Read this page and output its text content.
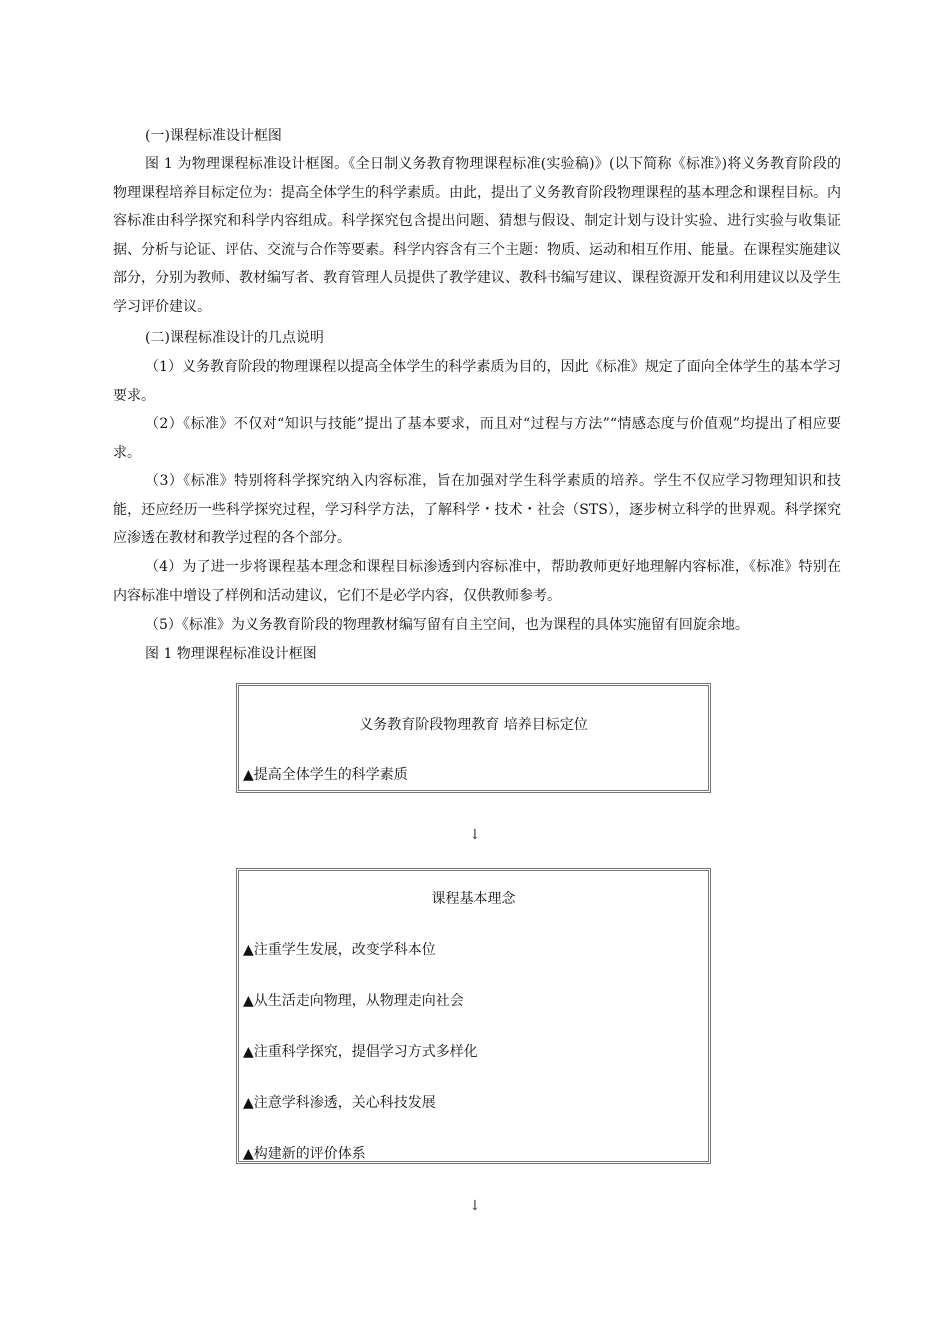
(一)课程标准设计框图

图 1 为物理课程标准设计框图。《全日制义务教育物理课程标准(实验稿)》(以下简称《标准》)将义务教育阶段的物理课程培养目标定位为：提高全体学生的科学素质。由此，提出了义务教育阶段物理课程的基本理念和课程目标。内容标准由科学探究和科学内容组成。科学探究包含提出问题、猜想与假设、制定计划与设计实验、进行实验与收集证据、分析与论证、评估、交流与合作等要素。科学内容含有三个主题：物质、运动和相互作用、能量。在课程实施建议部分，分别为教师、教材编写者、教育管理人员提供了教学建议、教科书编写建议、课程资源开发和利用建议以及学生学习评价建议。

(二)课程标准设计的几点说明

（1）义务教育阶段的物理课程以提高全体学生的科学素质为目的，因此《标准》规定了面向全体学生的基本学习要求。

（2）《标准》不仅对“知识与技能”提出了基本要求，而且对“过程与方法”“情感态度与价值观”均提出了相应要求。

（3）《标准》特别将科学探究纳入内容标准，旨在加强对学生科学素质的培养。学生不仅应学习物理知识和技能，还应经历一些科学探究过程，学习科学方法，了解科学・技术・社会（STS），逐步树立科学的世界观。科学探究应渗透在教材和教学过程的各个部分。

（4）为了进一步将课程基本理念和课程目标渗透到内容标准中，帮助教师更好地理解内容标准，《标准》特别在内容标准中增设了样例和活动建议，它们不是必学内容，仅供教师参考。

（5）《标准》为义务教育阶段的物理教材编写留有自主空间，也为课程的具体实施留有回旋余地。

图 1 物理课程标准设计框图

义务教育阶段物理教育 培养目标定位
▲提高全体学生的科学素质
↓
课程基本理念
▲注重学生发展，改变学科本位
▲从生活走向物理，从物理走向社会
▲注重科学探究，提倡学习方式多样化
▲注意学科渗透，关心科技发展
▲构建新的评价体系
↓
